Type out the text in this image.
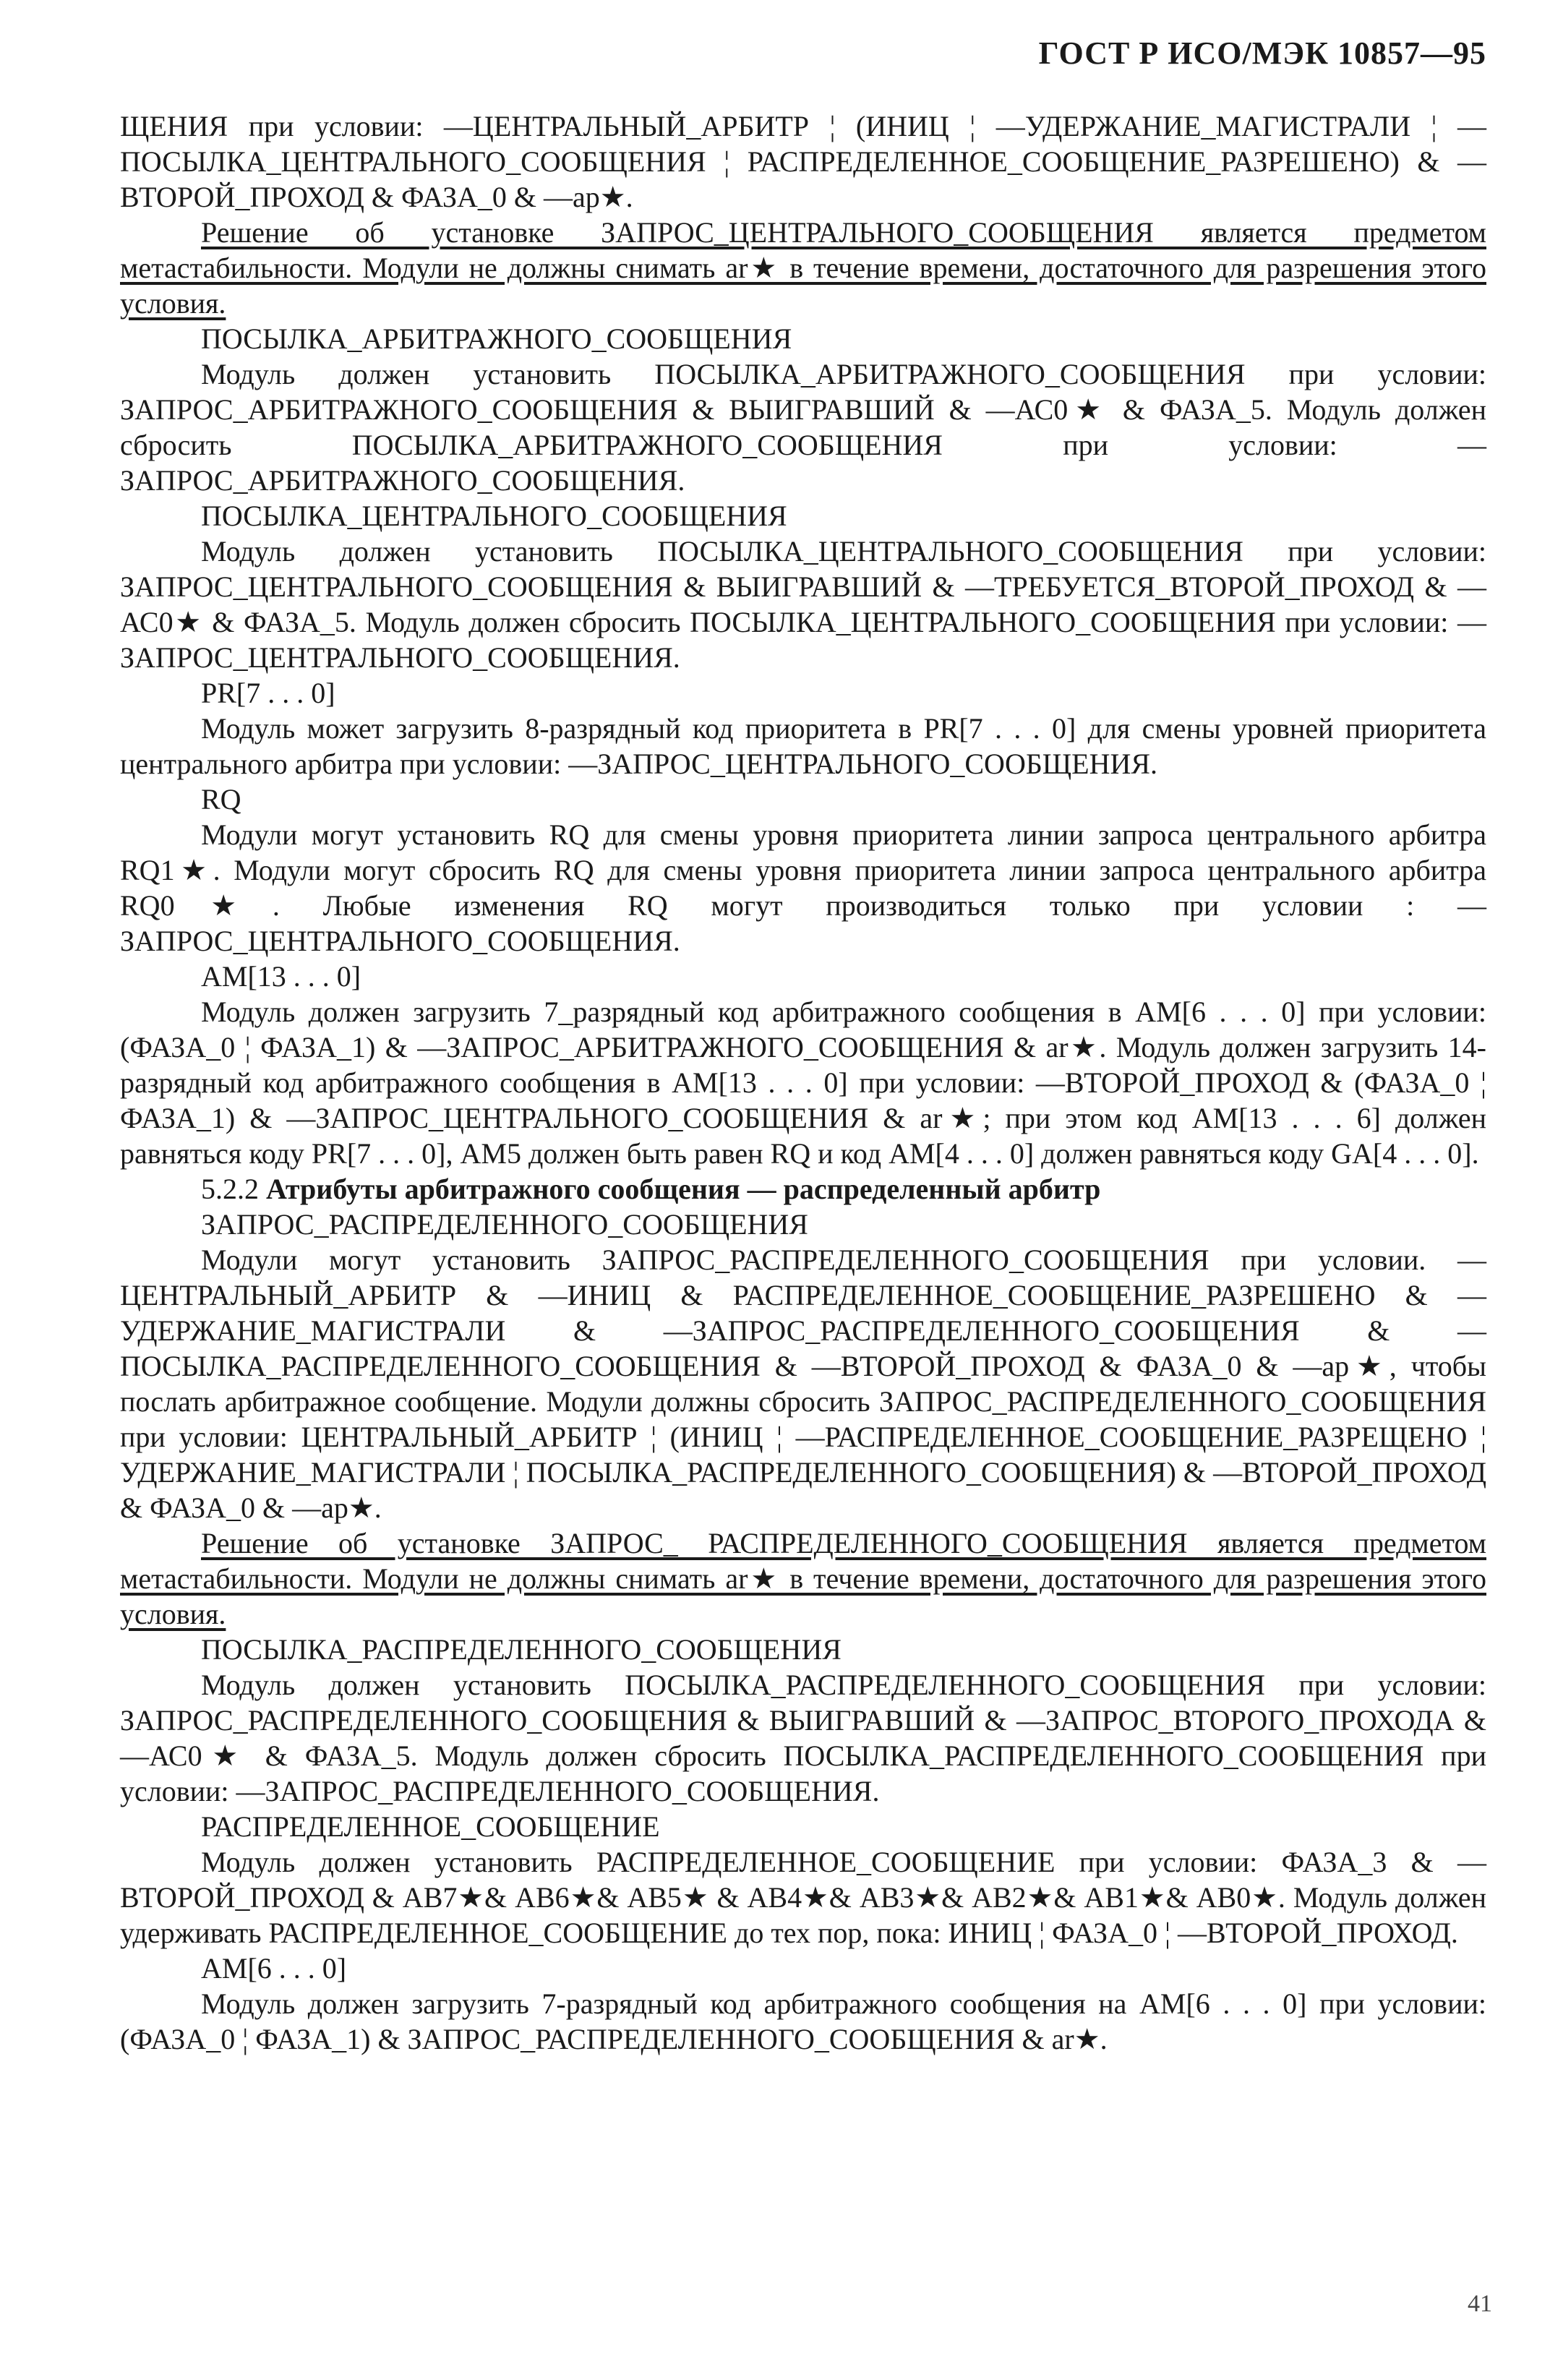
ГОСТ Р ИСО/МЭК 10857—95

ЩЕНИЯ при условии: —ЦЕНТРАЛЬНЫЙ_АРБИТР ¦ (ИНИЦ ¦ —УДЕРЖАНИЕ_МАГИСТРАЛИ ¦ —ПОСЫЛКА_ЦЕНТРАЛЬНОГО_СООБЩЕНИЯ ¦ РАСПРЕДЕЛЕННОЕ_СООБЩЕНИЕ_РАЗРЕШЕНО) & —ВТОРОЙ_ПРОХОД & ФАЗА_0 & —ар★.

Решение об установке ЗАПРОС_ЦЕНТРАЛЬНОГО_СООБЩЕНИЯ является предметом метастабильности. Модули не должны снимать ar★ в течение времени, достаточного для разрешения этого условия.

ПОСЫЛКА_АРБИТРАЖНОГО_СООБЩЕНИЯ

Модуль должен установить ПОСЫЛКА_АРБИТРАЖНОГО_СООБЩЕНИЯ при условии: ЗАПРОС_АРБИТРАЖНОГО_СООБЩЕНИЯ & ВЫИГРАВШИЙ & —АС0★ & ФАЗА_5. Модуль должен сбросить ПОСЫЛКА_АРБИТРАЖНОГО_СООБЩЕНИЯ при условии: —ЗАПРОС_АРБИТРАЖНОГО_СООБЩЕНИЯ.

ПОСЫЛКА_ЦЕНТРАЛЬНОГО_СООБЩЕНИЯ

Модуль должен установить ПОСЫЛКА_ЦЕНТРАЛЬНОГО_СООБЩЕНИЯ при условии: ЗАПРОС_ЦЕНТРАЛЬНОГО_СООБЩЕНИЯ & ВЫИГРАВШИЙ & —ТРЕБУЕТСЯ_ВТОРОЙ_ПРОХОД & —АС0★ & ФАЗА_5. Модуль должен сбросить ПОСЫЛКА_ЦЕНТРАЛЬНОГО_СООБЩЕНИЯ при условии: —ЗАПРОС_ЦЕНТРАЛЬНОГО_СООБЩЕНИЯ.

PR[7 . . . 0]

Модуль может загрузить 8-разрядный код приоритета в PR[7 . . . 0] для смены уровней приоритета центрального арбитра при условии: —ЗАПРОС_ЦЕНТРАЛЬНОГО_СООБЩЕНИЯ.

RQ

Модули могут установить RQ для смены уровня приоритета линии запроса центрального арбитра RQ1★. Модули могут сбросить RQ для смены уровня приоритета линии запроса центрального арбитра RQ0★. Любые изменения RQ могут производиться только при условии : —ЗАПРОС_ЦЕНТРАЛЬНОГО_СООБЩЕНИЯ.

АМ[13 . . . 0]

Модуль должен загрузить 7_разрядный код арбитражного сообщения в АМ[6 . . . 0] при условии: (ФАЗА_0 ¦ ФАЗА_1) & —ЗАПРОС_АРБИТРАЖНОГО_СООБЩЕНИЯ & ar★. Модуль должен загрузить 14-разрядный код арбитражного сообщения в АМ[13 . . . 0] при условии: —ВТОРОЙ_ПРОХОД & (ФАЗА_0 ¦ ФАЗА_1) & —ЗАПРОС_ЦЕНТРАЛЬНОГО_СООБЩЕНИЯ & ar★; при этом код АМ[13 . . . 6] должен равняться коду PR[7 . . . 0], АМ5 должен быть равен RQ и код АМ[4 . . . 0] должен равняться коду GA[4 . . . 0].

5.2.2 Атрибуты арбитражного сообщения — распределенный арбитр

ЗАПРОС_РАСПРЕДЕЛЕННОГО_СООБЩЕНИЯ

Модули могут установить ЗАПРОС_РАСПРЕДЕЛЕННОГО_СООБЩЕНИЯ при условии. —ЦЕНТРАЛЬНЫЙ_АРБИТР & —ИНИЦ & РАСПРЕДЕЛЕННОЕ_СООБЩЕНИЕ_РАЗРЕШЕНО & —УДЕРЖАНИЕ_МАГИСТРАЛИ & —ЗАПРОС_РАСПРЕДЕЛЕННОГО_СООБЩЕНИЯ & —ПОСЫЛКА_РАСПРЕДЕЛЕННОГО_СООБЩЕНИЯ & —ВТОРОЙ_ПРОХОД & ФАЗА_0 & —ар★, чтобы послать арбитражное сообщение. Модули должны сбросить ЗАПРОС_РАСПРЕДЕЛЕННОГО_СООБЩЕНИЯ при условии: ЦЕНТРАЛЬНЫЙ_АРБИТР ¦ (ИНИЦ ¦ —РАСПРЕДЕЛЕННОЕ_СООБЩЕНИЕ_РАЗРЕЩЕНО ¦ УДЕРЖАНИЕ_МАГИСТРАЛИ ¦ ПОСЫЛКА_РАСПРЕДЕЛЕННОГО_СООБЩЕНИЯ) & —ВТОРОЙ_ПРОХОД & ФАЗА_0 & —ар★.

Решение об установке ЗАПРОС_ РАСПРЕДЕЛЕННОГО_СООБЩЕНИЯ является предметом метастабильности. Модули не должны снимать ar★ в течение времени, достаточного для разрешения этого условия.

ПОСЫЛКА_РАСПРЕДЕЛЕННОГО_СООБЩЕНИЯ

Модуль должен установить ПОСЫЛКА_РАСПРЕДЕЛЕННОГО_СООБЩЕНИЯ при условии: ЗАПРОС_РАСПРЕДЕЛЕННОГО_СООБЩЕНИЯ & ВЫИГРАВШИЙ & —ЗАПРОС_ВТОРОГО_ПРОХОДА & —АС0★ & ФАЗА_5. Модуль должен сбросить ПОСЫЛКА_РАСПРЕДЕЛЕННОГО_СООБЩЕНИЯ при условии: —ЗАПРОС_РАСПРЕДЕЛЕННОГО_СООБЩЕНИЯ.

РАСПРЕДЕЛЕННОЕ_СООБЩЕНИЕ

Модуль должен установить РАСПРЕДЕЛЕННОЕ_СООБЩЕНИЕ при условии: ФАЗА_3 & —ВТОРОЙ_ПРОХОД & АВ7★& АВ6★& АВ5★ & АВ4★& АВ3★& АВ2★& АВ1★& АВ0★. Модуль должен удерживать РАСПРЕДЕЛЕННОЕ_СООБЩЕНИЕ до тех пор, пока: ИНИЦ ¦ ФАЗА_0 ¦ —ВТОРОЙ_ПРОХОД.

АМ[6 . . . 0]

Модуль должен загрузить 7-разрядный код арбитражного сообщения на АМ[6 . . . 0] при условии: (ФАЗА_0 ¦ ФАЗА_1) & ЗАПРОС_РАСПРЕДЕЛЕННОГО_СООБЩЕНИЯ & ar★.

41
